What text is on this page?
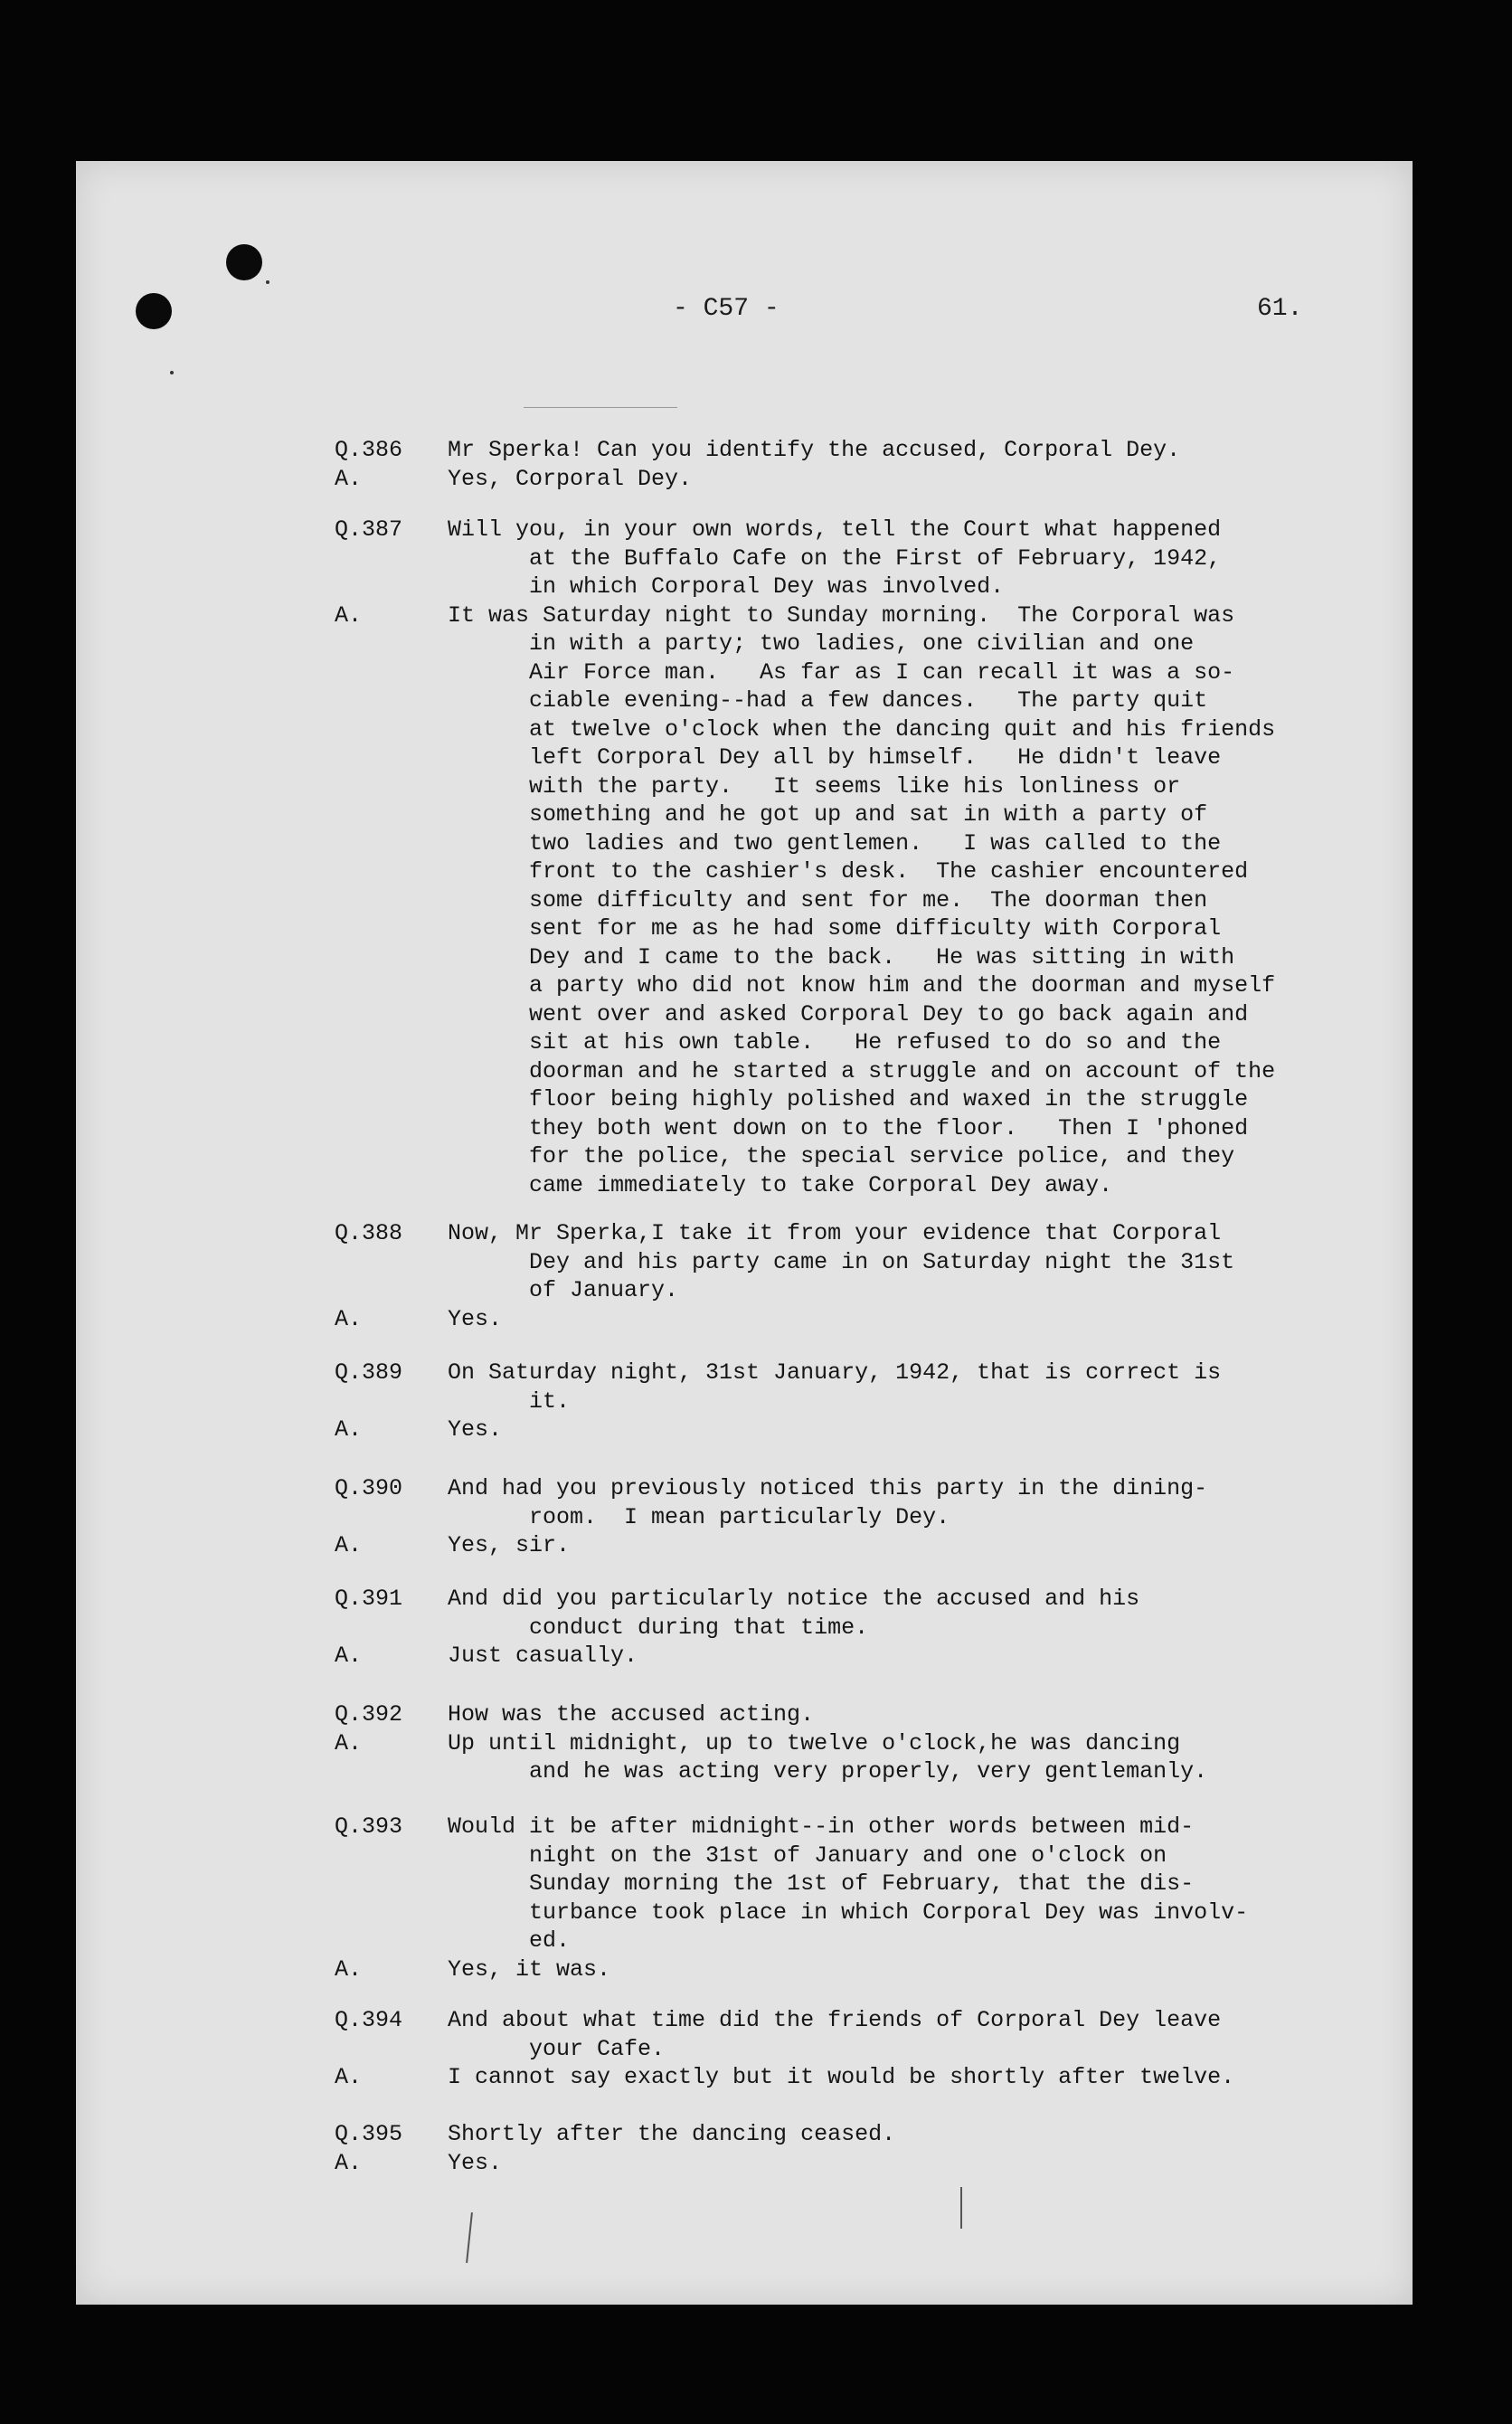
- C57 -	61.
Q.386	Mr Sperka! Can you identify the accused, Corporal Dey.
A.	Yes, Corporal Dey.
Q.387	Will you, in your own words, tell the Court what happened
at the Buffalo Cafe on the First of February, 1942,
in which Corporal Dey was involved.
A.	It was Saturday night to Sunday morning.  The Corporal was
in with a party; two ladies, one civilian and one
Air Force man.   As far as I can recall it was a so-
ciable evening--had a few dances.   The party quit
at twelve o'clock when the dancing quit and his friends
left Corporal Dey all by himself.   He didn't leave
with the party.   It seems like his lonliness or
something and he got up and sat in with a party of
two ladies and two gentlemen.   I was called to the
front to the cashier's desk.  The cashier encountered
some difficulty and sent for me.  The doorman then
sent for me as he had some difficulty with Corporal
Dey and I came to the back.   He was sitting in with
a party who did not know him and the doorman and myself
went over and asked Corporal Dey to go back again and
sit at his own table.   He refused to do so and the
doorman and he started a struggle and on account of the
floor being highly polished and waxed in the struggle
they both went down on to the floor.   Then I 'phoned
for the police, the special service police, and they
came immediately to take Corporal Dey away.
Q.388	Now, Mr Sperka,I take it from your evidence that Corporal
Dey and his party came in on Saturday night the 31st
of January.
A.	Yes.
Q.389	On Saturday night, 31st January, 1942, that is correct is
it.
A.	Yes.
Q.390	And had you previously noticed this party in the dining-
room.  I mean particularly Dey.
A.	Yes, sir.
Q.391	And did you particularly notice the accused and his
conduct during that time.
A.	Just casually.
Q.392	How was the accused acting.
A.	Up until midnight, up to twelve o'clock,he was dancing
and he was acting very properly, very gentlemanly.
Q.393	Would it be after midnight--in other words between mid-
night on the 31st of January and one o'clock on
Sunday morning the 1st of February, that the dis-
turbance took place in which Corporal Dey was involv-
ed.
A.	Yes, it was.
Q.394	And about what time did the friends of Corporal Dey leave
your Cafe.
A.	I cannot say exactly but it would be shortly after twelve.
Q.395	Shortly after the dancing ceased.
A.	Yes.
